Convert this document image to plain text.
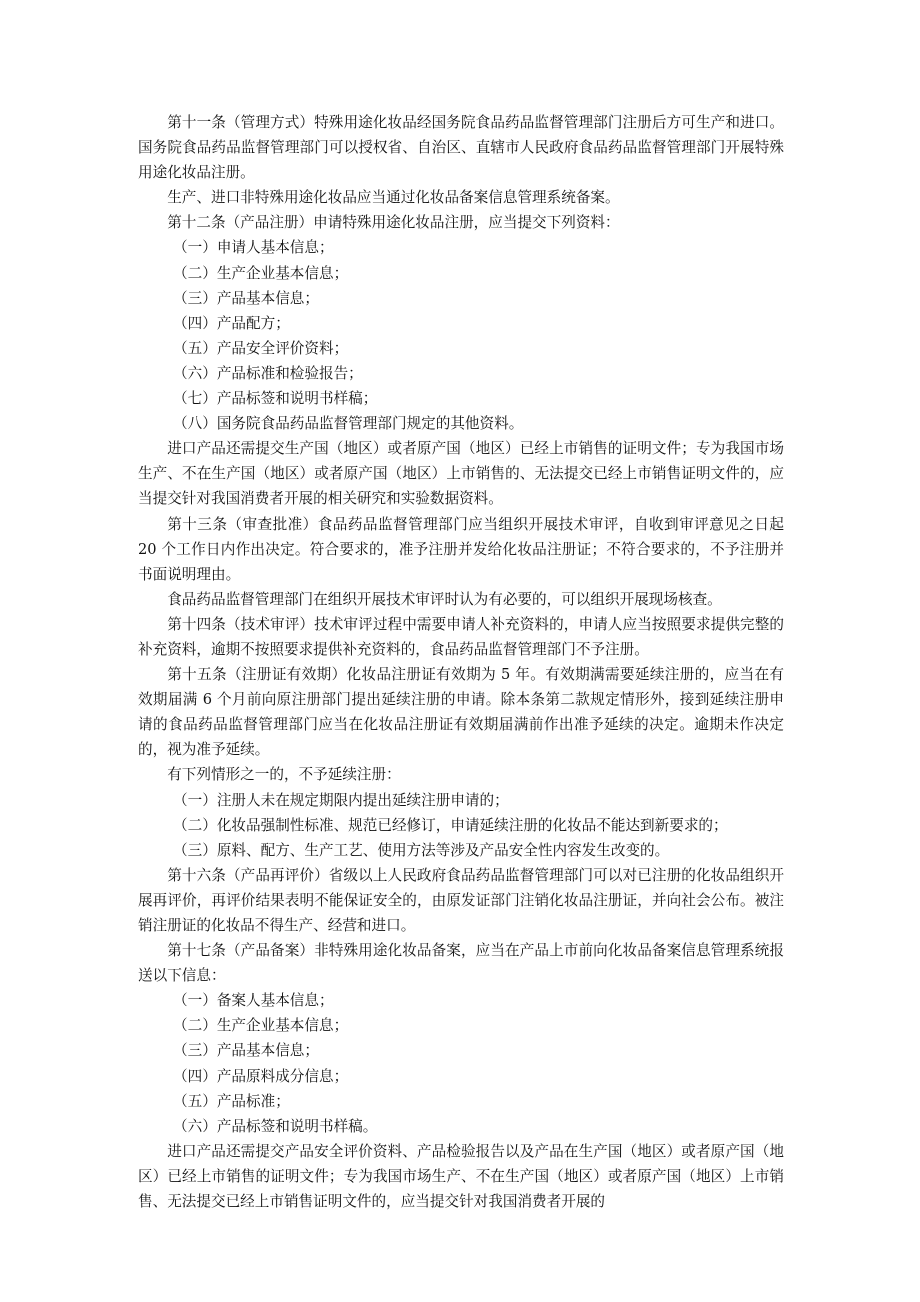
第十一条（管理方式）特殊用途化妆品经国务院食品药品监督管理部门注册后方可生产和进口。国务院食品药品监督管理部门可以授权省、自治区、直辖市人民政府食品药品监督管理部门开展特殊用途化妆品注册。

生产、进口非特殊用途化妆品应当通过化妆品备案信息管理系统备案。

第十二条（产品注册）申请特殊用途化妆品注册，应当提交下列资料：

（一）申请人基本信息；

（二）生产企业基本信息；

（三）产品基本信息；

（四）产品配方；

（五）产品安全评价资料；

（六）产品标准和检验报告；

（七）产品标签和说明书样稿；

（八）国务院食品药品监督管理部门规定的其他资料。

进口产品还需提交生产国（地区）或者原产国（地区）已经上市销售的证明文件；专为我国市场生产、不在生产国（地区）或者原产国（地区）上市销售的、无法提交已经上市销售证明文件的，应当提交针对我国消费者开展的相关研究和实验数据资料。

第十三条（审查批准）食品药品监督管理部门应当组织开展技术审评，自收到审评意见之日起 20 个工作日内作出决定。符合要求的，准予注册并发给化妆品注册证；不符合要求的，不予注册并书面说明理由。

食品药品监督管理部门在组织开展技术审评时认为有必要的，可以组织开展现场核查。

第十四条（技术审评）技术审评过程中需要申请人补充资料的，申请人应当按照要求提供完整的补充资料，逾期不按照要求提供补充资料的，食品药品监督管理部门不予注册。

第十五条（注册证有效期）化妆品注册证有效期为 5 年。有效期满需要延续注册的，应当在有效期届满 6 个月前向原注册部门提出延续注册的申请。除本条第二款规定情形外，接到延续注册申请的食品药品监督管理部门应当在化妆品注册证有效期届满前作出准予延续的决定。逾期未作决定的，视为准予延续。

有下列情形之一的，不予延续注册：

（一）注册人未在规定期限内提出延续注册申请的；

（二）化妆品强制性标准、规范已经修订，申请延续注册的化妆品不能达到新要求的；

（三）原料、配方、生产工艺、使用方法等涉及产品安全性内容发生改变的。

第十六条（产品再评价）省级以上人民政府食品药品监督管理部门可以对已注册的化妆品组织开展再评价，再评价结果表明不能保证安全的，由原发证部门注销化妆品注册证，并向社会公布。被注销注册证的化妆品不得生产、经营和进口。

第十七条（产品备案）非特殊用途化妆品备案，应当在产品上市前向化妆品备案信息管理系统报送以下信息：

（一）备案人基本信息；

（二）生产企业基本信息；

（三）产品基本信息；

（四）产品原料成分信息；

（五）产品标准；

（六）产品标签和说明书样稿。

进口产品还需提交产品安全评价资料、产品检验报告以及产品在生产国（地区）或者原产国（地区）已经上市销售的证明文件；专为我国市场生产、不在生产国（地区）或者原产国（地区）上市销售、无法提交已经上市销售证明文件的，应当提交针对我国消费者开展的
